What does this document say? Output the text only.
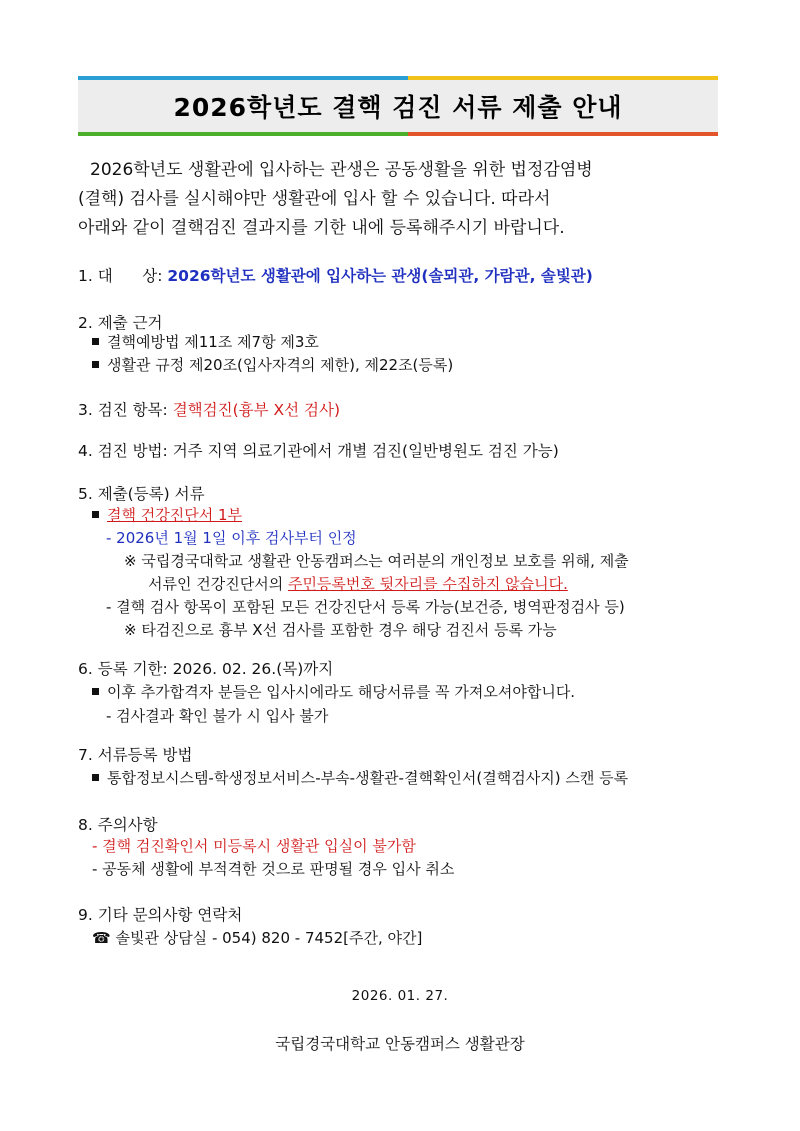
2026학년도 결핵 검진 서류 제출 안내

2026학년도 생활관에 입사하는 관생은 공동생활을 위한 법정감염병

(결핵) 검사를 실시해야만 생활관에 입사 할 수 있습니다. 따라서

아래와 같이 결핵검진 결과지를 기한 내에 등록해주시기 바랍니다.

1. 대      상: 2026학년도 생활관에 입사하는 관생(솔뫼관, 가람관, 솔빛관)
2. 제출 근거
결핵예방법 제11조 제7항 제3호
생활관 규정 제20조(입사자격의 제한), 제22조(등록)
3. 검진 항목: 결핵검진(흉부 X선 검사)
4. 검진 방법: 거주 지역 의료기관에서 개별 검진(일반병원도 검진 가능)
5. 제출(등록) 서류
결핵 건강진단서 1부
- 2026년 1월 1일 이후 검사부터 인정
※ 국립경국대학교 생활관 안동캠퍼스는 여러분의 개인정보 보호를 위해, 제출
서류인 건강진단서의 주민등록번호 뒷자리를 수집하지 않습니다.
- 결핵 검사 항목이 포함된 모든 건강진단서 등록 가능(보건증, 병역판정검사 등)
※ 타검진으로 흉부 X선 검사를 포함한 경우 해당 검진서 등록 가능
6. 등록 기한: 2026. 02. 26.(목)까지
이후 추가합격자 분들은 입사시에라도 해당서류를 꼭 가져오셔야합니다.
- 검사결과 확인 불가 시 입사 불가
7. 서류등록 방법
통합정보시스템-학생정보서비스-부속-생활관-결핵확인서(결핵검사지) 스캔 등록
8. 주의사항
- 결핵 검진확인서 미등록시 생활관 입실이 불가함
- 공동체 생활에 부적격한 것으로 판명될 경우 입사 취소
9. 기타 문의사항 연락처
☎ 솔빛관 상담실 - 054) 820 - 7452[주간, 야간]
2026. 01. 27.
국립경국대학교 안동캠퍼스 생활관장
